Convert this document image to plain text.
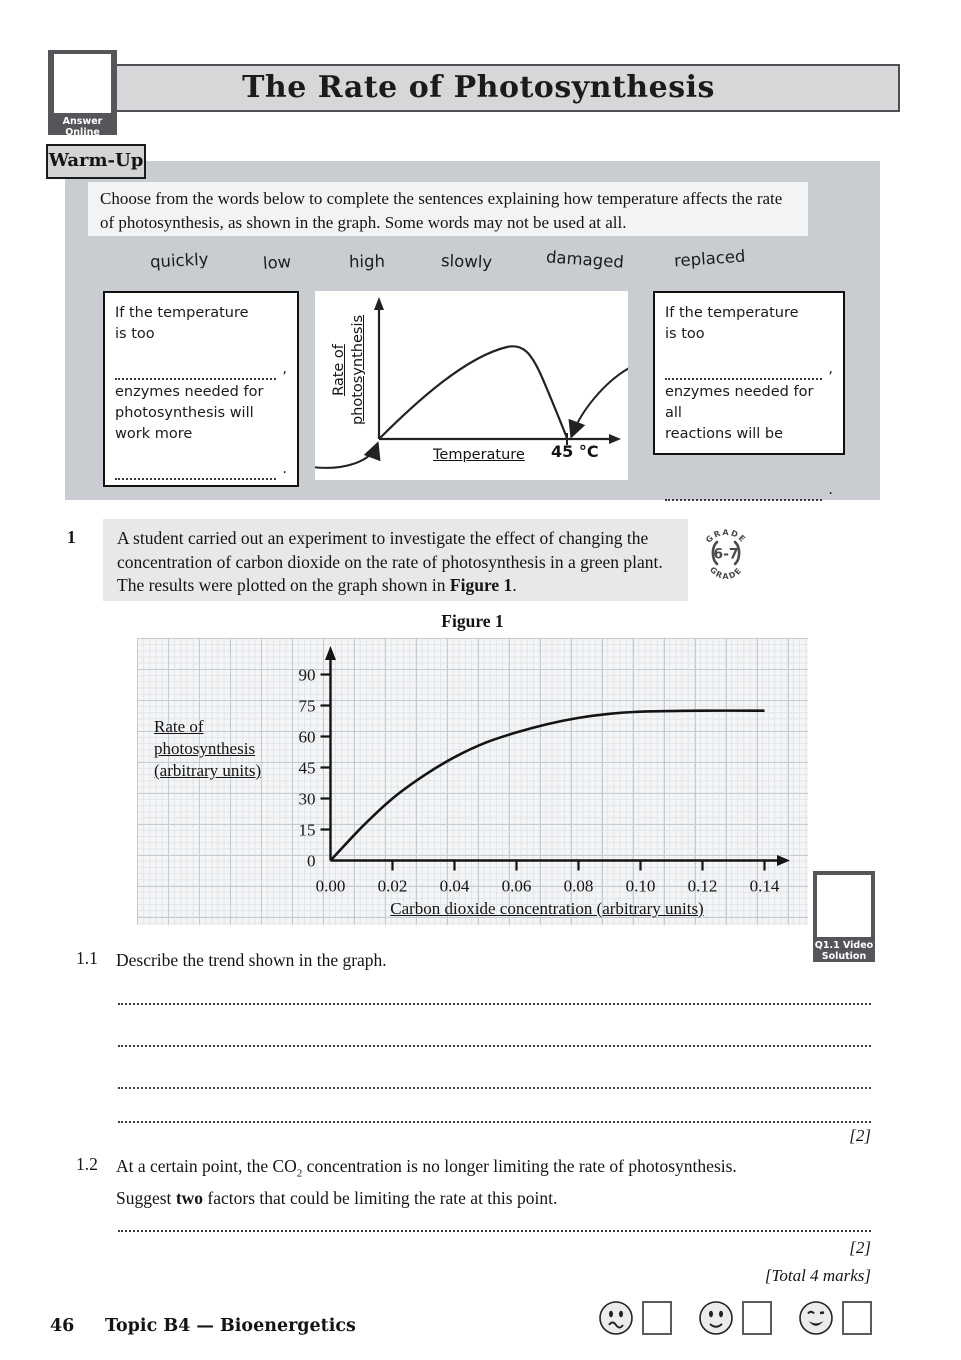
The Rate of Photosynthesis
Answer
Online
Warm-Up
Choose from the words below to complete the sentences explaining how temperature affects the rate of photosynthesis, as shown in the graph. Some words may not be used at all.
quickly	low	high	slowly	damaged	replaced
If the temperature
is too
,
enzymes needed for
photosynthesis will
work more
.
Rate of photosynthesis
Temperature 45 °C
If the temperature
is too
,
enzymes needed for all
reactions will be
.
1	A student carried out an experiment to investigate the effect of changing the concentration of carbon dioxide on the rate of photosynthesis in a green plant. The results were plotted on the graph shown in Figure 1.
GRADE
GRADE
6-7
Figure 1
0.00 0.02 0.04 0.06 0.08 0.10 0.12 0.14
0
15
30
45
60
75
90
Rate of
photosynthesis
(arbitrary units)
Carbon dioxide concentration (arbitrary units)
Q1.1 Video
Solution
1.1 Describe the trend shown in the graph.
[2]
1.2 At a certain point, the $CO_2$ concentration is no longer limiting the rate of photosynthesis.
Suggest two factors that could be limiting the rate at this point.
[2]
[Total 4 marks]
46 Topic B4 — Bioenergetics
